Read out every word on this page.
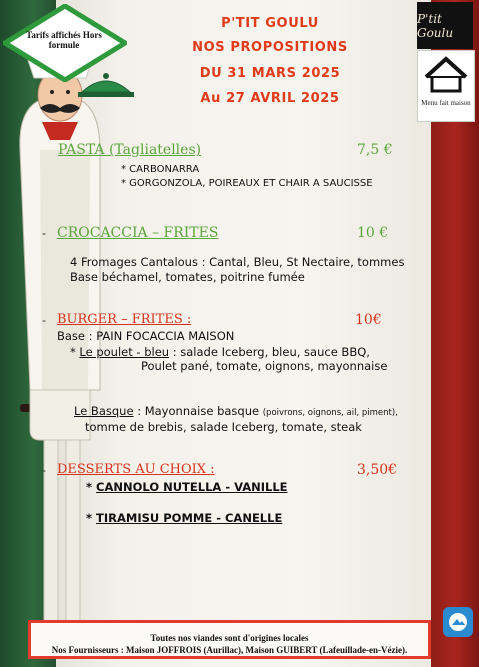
Tarifs affichés Hors formule
P'tit Goulu
Menu fait maison
P'TIT GOULU
NOS PROPOSITIONS
DU 31 MARS 2025
Au 27 AVRIL 2025
PASTA (Tagliatelles)	7,5 €
* CARBONARRA
* GORGONZOLA, POIREAUX ET CHAIR A SAUCISSE
- CROCACCIA – FRITES	10 €
4 Fromages Cantalous : Cantal, Bleu, St Nectaire, tommes
Base béchamel, tomates, poitrine fumée
- BURGER – FRITES :	10€
Base : PAIN FOCACCIA MAISON
* Le poulet - bleu : salade Iceberg, bleu, sauce BBQ,
Poulet pané, tomate, oignons, mayonnaise
Le Basque : Mayonnaise basque (poivrons, oignons, ail, piment),
tomme de brebis, salade Iceberg, tomate, steak
- DESSERTS AU CHOIX :	3,50€
* CANNOLO NUTELLA - VANILLE
* TIRAMISU POMME - CANELLE
Toutes nos viandes sont d'origines locales
Nos Fournisseurs : Maison JOFFROIS (Aurillac), Maison GUIBERT (Lafeuillade-en-Vézie).
